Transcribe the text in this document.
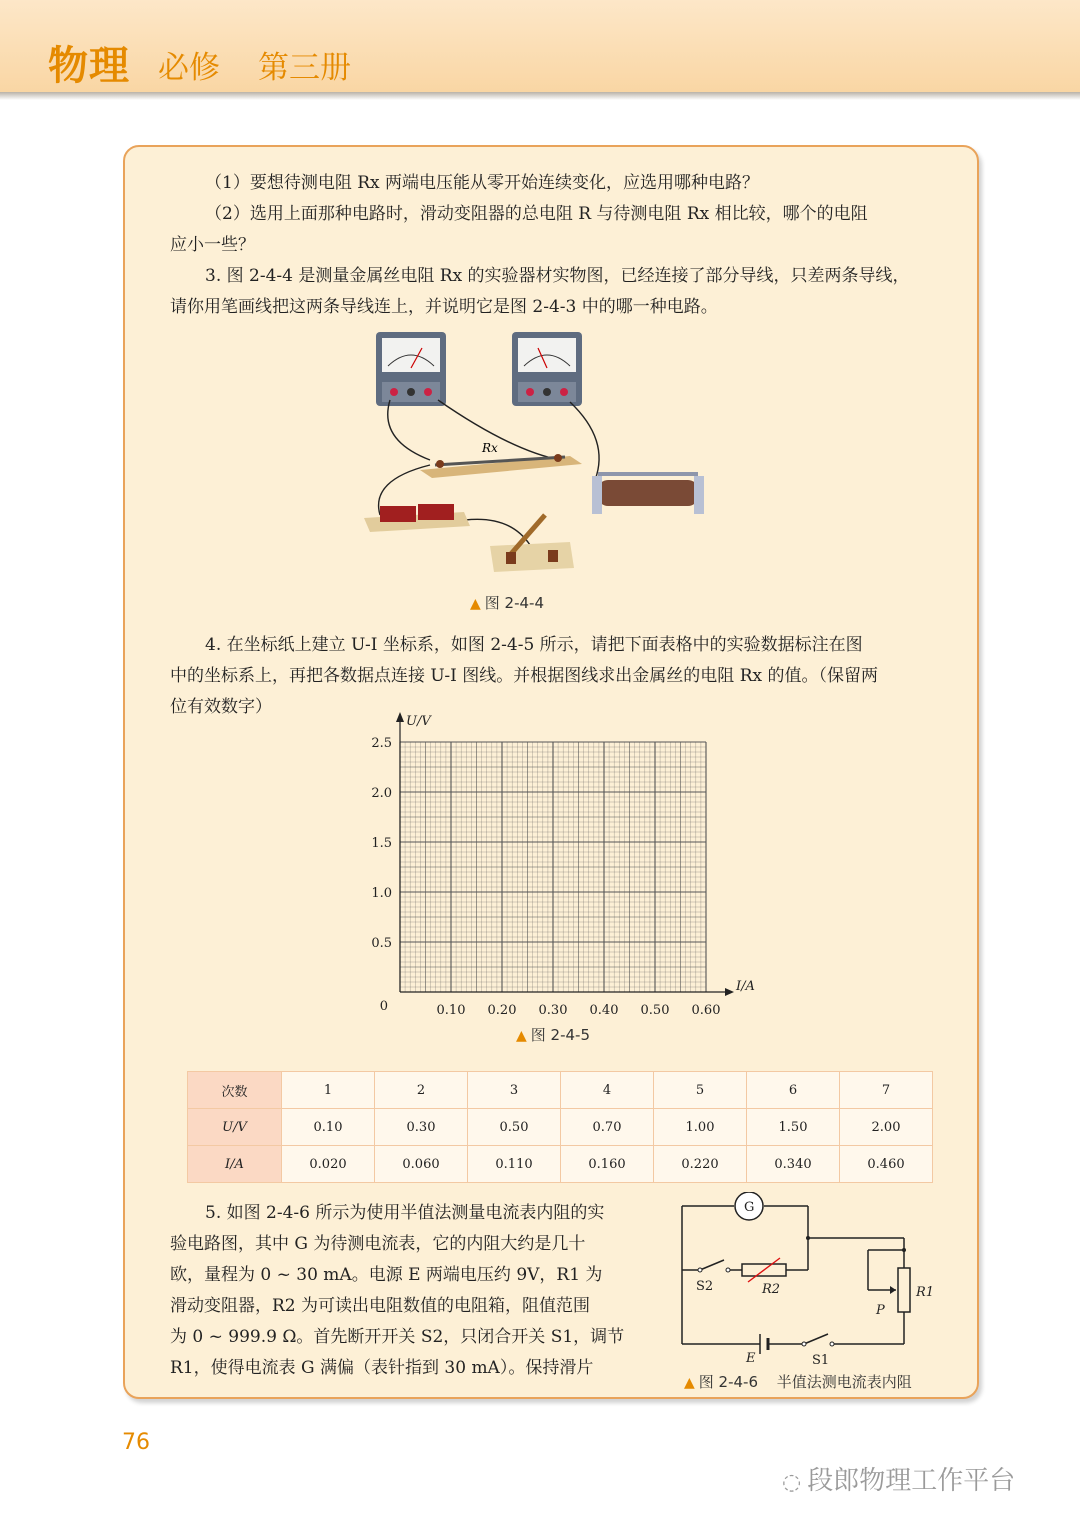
物理 必修 第三册
（1）要想待测电阻 Rx 两端电压能从零开始连续变化，应选用哪种电路？
（2）选用上面那种电路时，滑动变阻器的总电阻 R 与待测电阻 Rx 相比较，哪个的电阻
应小一些？
3. 图 2-4-4 是测量金属丝电阻 Rx 的实验器材实物图，已经连接了部分导线，只差两条导线，
请你用笔画线把这两条导线连上，并说明它是图 2-4-3 中的哪一种电路。
Rx
▲ 图 2-4-4
4. 在坐标纸上建立 U-I 坐标系，如图 2-4-5 所示，请把下面表格中的实验数据标注在图
中的坐标系上，再把各数据点连接 U-I 图线。并根据图线求出金属丝的电阻 Rx 的值。（保留两
位有效数字）
0.10 0.20 0.30 0.40 0.50 0.60
0.5
1.0
1.5
2.0
2.5
0
I/A
U/V
▲ 图 2-4-5
次数	1	2	3	4	5	6	7
U/V	0.10	0.30	0.50	0.70	1.00	1.50	2.00
I/A	0.020	0.060	0.110	0.160	0.220	0.340	0.460
5. 如图 2-4-6 所示为使用半值法测量电流表内阻的实
验电路图，其中 G 为待测电流表，它的内阻大约是几十
欧，量程为 0 ~ 30 mA。电源 E 两端电压约 9V，R1 为
滑动变阻器，R2 为可读出电阻数值的电阻箱，阻值范围
为 0 ~ 999.9 Ω。首先断开开关 S2，只闭合开关 S1，调节
R1，使得电流表 G 满偏（表针指到 30 mA）。保持滑片
G
S2	R2	R1
P
E	S1
▲ 图 2-4-6 半值法测电流表内阻
76
◌ 段郎物理工作平台
